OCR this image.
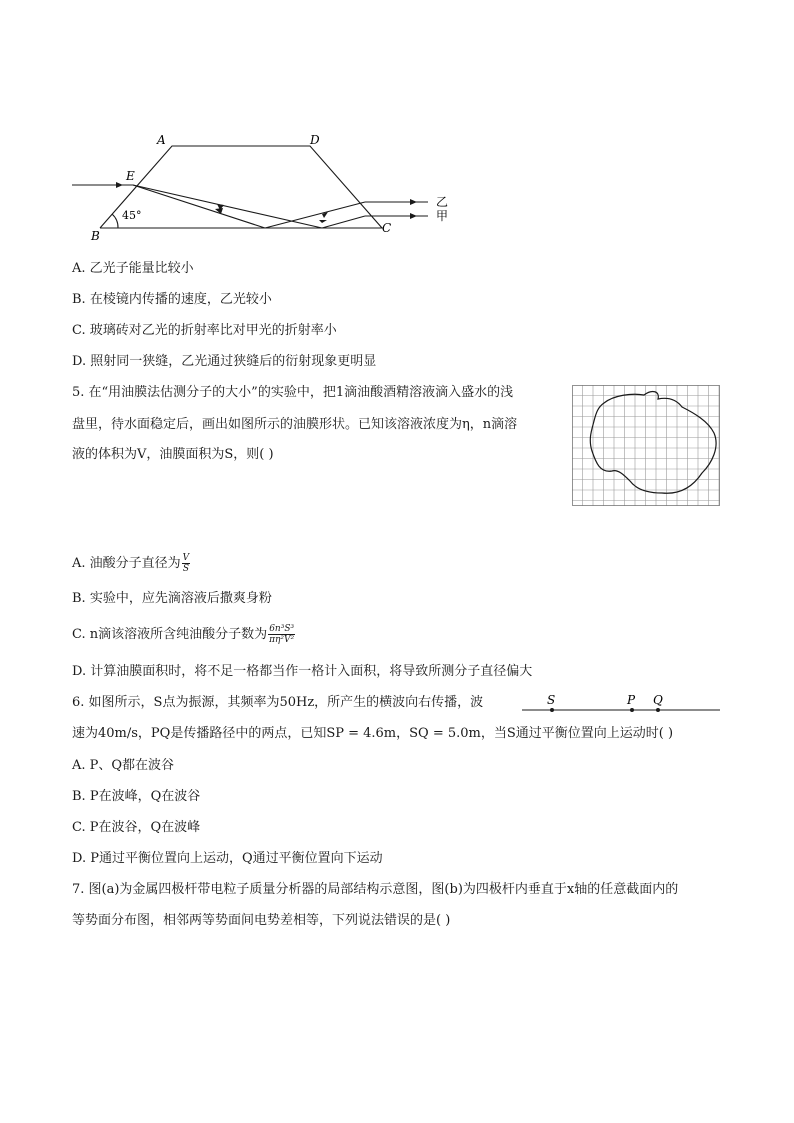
A	D
E
B
C
45°
乙
甲
A. 乙光子能量比较小
B. 在棱镜内传播的速度，乙光较小
C. 玻璃砖对乙光的折射率比对甲光的折射率小
D. 照射同一狭缝，乙光通过狭缝后的衍射现象更明显
5. 在“用油膜法估测分子的大小”的实验中，把1滴油酸酒精溶液滴入盛水的浅
盘里，待水面稳定后，画出如图所示的油膜形状。已知该溶液浓度为η，n滴溶
液的体积为V，油膜面积为S，则( )
A. 油酸分子直径为 $\frac{V}{S}$
B. 实验中，应先滴溶液后撒爽身粉
C. n滴该溶液所含纯油酸分子数为 $\frac{\text{6n³S³}}{\text{πη²V²}}$
D. 计算油膜面积时，将不足一格都当作一格计入面积，将导致所测分子直径偏大
6. 如图所示，S点为振源，其频率为50Hz，所产生的横波向右传播，波
速为40m/s，PQ是传播路径中的两点，已知SP = 4.6m，SQ = 5.0m，当S通过平衡位置向上运动时( )
S	P Q
A. P、Q都在波谷
B. P在波峰，Q在波谷
C. P在波谷，Q在波峰
D. P通过平衡位置向上运动，Q通过平衡位置向下运动
7. 图(a)为金属四极杆带电粒子质量分析器的局部结构示意图，图(b)为四极杆内垂直于x轴的任意截面内的
等势面分布图，相邻两等势面间电势差相等，下列说法错误的是( )
